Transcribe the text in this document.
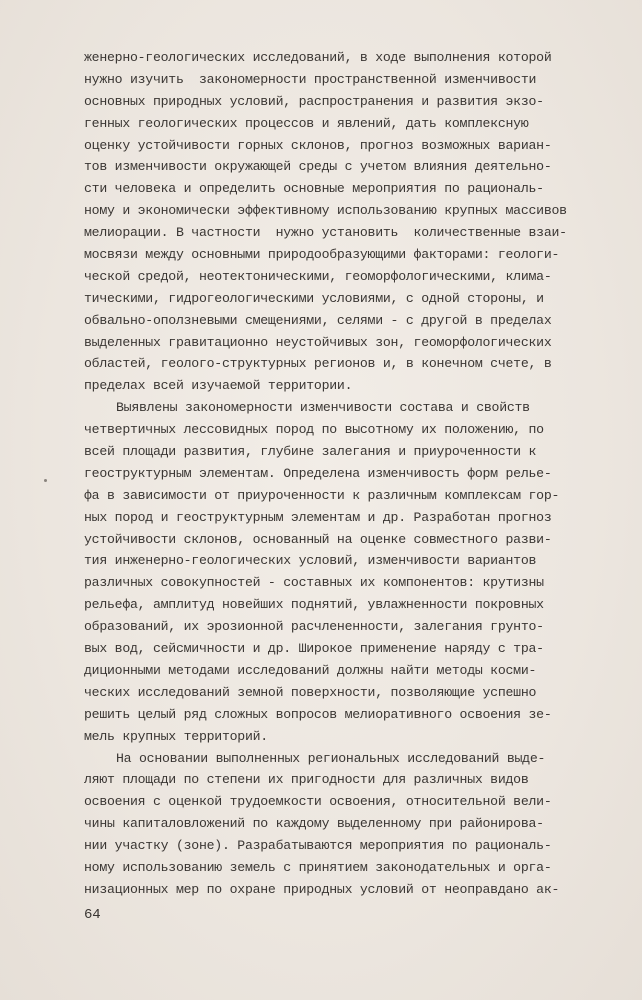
женерно-геологических исследований, в ходе выполнения которой
нужно изучить  закономерности пространственной изменчивости
основных природных условий, распространения и развития экзо-
генных геологических процессов и явлений, дать комплексную
оценку устойчивости горных склонов, прогноз возможных вариан-
тов изменчивости окружающей среды с учетом влияния деятельно-
сти человека и определить основные мероприятия по рациональ-
ному и экономически эффективному использованию крупных массивов
мелиорации. В частности  нужно установить  количественные взаи-
мосвязи между основными природообразующими факторами: геологи-
ческой средой, неотектоническими, геоморфологическими, клима-
тическими, гидрогеологическими условиями, с одной стороны, и
обвально-оползневыми смещениями, селями - с другой в пределах
выделенных гравитационно неустойчивых зон, геоморфологических
областей, геолого-структурных регионов и, в конечном счете, в
пределах всей изучаемой территории.
Выявлены закономерности изменчивости состава и свойств
четвертичных лессовидных пород по высотному их положению, по
всей площади развития, глубине залегания и приуроченности к
геоструктурным элементам. Определена изменчивость форм релье-
фа в зависимости от приуроченности к различным комплексам гор-
ных пород и геоструктурным элементам и др. Разработан прогноз
устойчивости склонов, основанный на оценке совместного разви-
тия инженерно-геологических условий, изменчивости вариантов
различных совокупностей - составных их компонентов: крутизны
рельефа, амплитуд новейших поднятий, увлажненности покровных
образований, их эрозионной расчлененности, залегания грунто-
вых вод, сейсмичности и др. Широкое применение наряду с тра-
диционными методами исследований должны найти методы косми-
ческих исследований земной поверхности, позволяющие успешно
решить целый ряд сложных вопросов мелиоративного освоения зе-
мель крупных территорий.
На основании выполненных региональных исследований выде-
ляют площади по степени их пригодности для различных видов
освоения с оценкой трудоемкости освоения, относительной вели-
чины капиталовложений по каждому выделенному при районирова-
нии участку (зоне). Разрабатываются мероприятия по рациональ-
ному использованию земель с принятием законодательных и орга-
низационных мер по охране природных условий от неоправдано ак-
64
